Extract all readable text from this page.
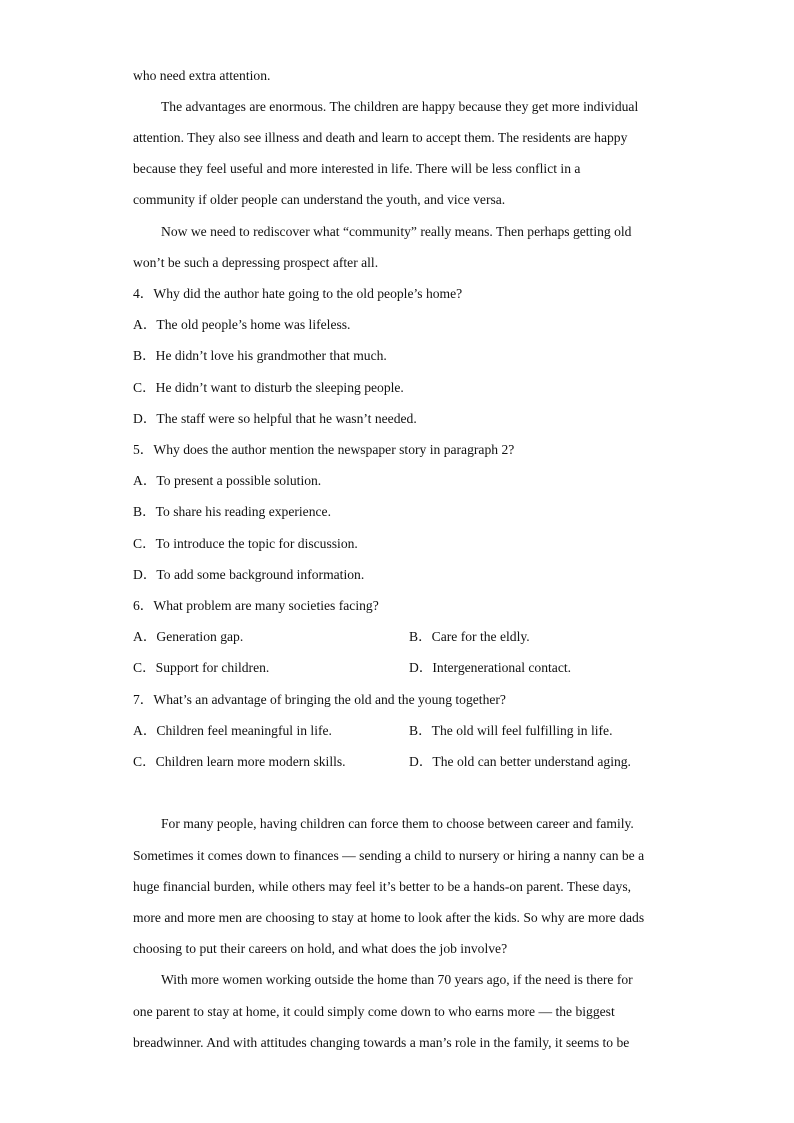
who need extra attention.
The advantages are enormous. The children are happy because they get more individual
attention. They also see illness and death and learn to accept them. The residents are happy
because they feel useful and more interested in life. There will be less conflict in a
community if older people can understand the youth, and vice versa.
Now we need to rediscover what “community” really means. Then perhaps getting old
won’t be such a depressing prospect after all.
4．Why did the author hate going to the old people’s home?
A．The old people’s home was lifeless.
B．He didn’t love his grandmother that much.
C．He didn’t want to disturb the sleeping people.
D．The staff were so helpful that he wasn’t needed.
5．Why does the author mention the newspaper story in paragraph 2?
A．To present a possible solution.
B．To share his reading experience.
C．To introduce the topic for discussion.
D．To add some background information.
6．What problem are many societies facing?
A．Generation gap.	B．Care for the eldly.
C．Support for children.	D．Intergenerational contact.
7．What’s an advantage of bringing the old and the young together?
A．Children feel meaningful in life.	B．The old will feel fulfilling in life.
C．Children learn more modern skills.	D．The old can better understand aging.
For many people, having children can force them to choose between career and family.
Sometimes it comes down to finances — sending a child to nursery or hiring a nanny can be a
huge financial burden, while others may feel it’s better to be a hands-on parent. These days,
more and more men are choosing to stay at home to look after the kids. So why are more dads
choosing to put their careers on hold, and what does the job involve?
With more women working outside the home than 70 years ago, if the need is there for
one parent to stay at home, it could simply come down to who earns more — the biggest
breadwinner. And with attitudes changing towards a man’s role in the family, it seems to be
